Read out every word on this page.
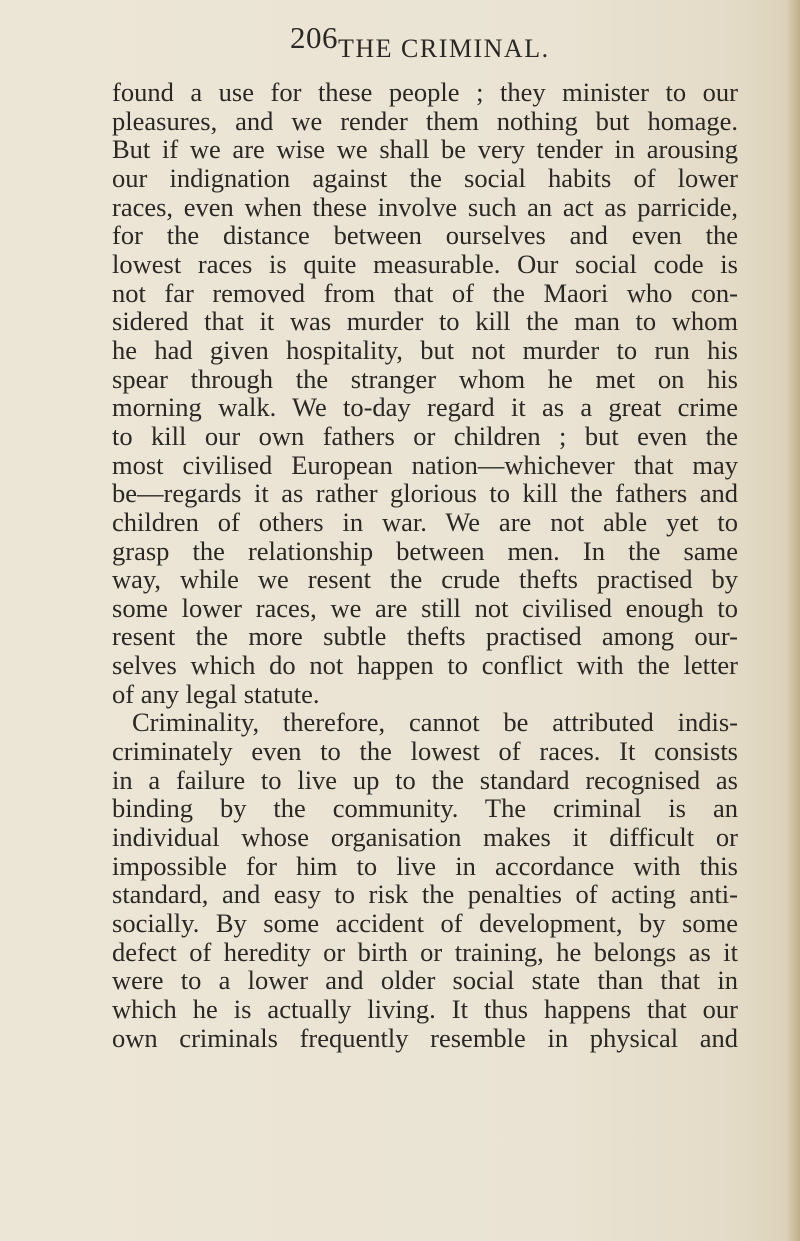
206 THE CRIMINAL.

found a use for these people ; they minister to our
pleasures, and we render them nothing but homage.
But if we are wise we shall be very tender in arousing
our indignation against the social habits of lower
races, even when these involve such an act as parricide,
for the distance between ourselves and even the
lowest races is quite measurable. Our social code is
not far removed from that of the Maori who con-
sidered that it was murder to kill the man to whom
he had given hospitality, but not murder to run his
spear through the stranger whom he met on his
morning walk. We to-day regard it as a great crime
to kill our own fathers or children ; but even the
most civilised European nation—whichever that may
be—regards it as rather glorious to kill the fathers and
children of others in war. We are not able yet to
grasp the relationship between men. In the same
way, while we resent the crude thefts practised by
some lower races, we are still not civilised enough to
resent the more subtle thefts practised among our-
selves which do not happen to conflict with the letter
of any legal statute.

Criminality, therefore, cannot be attributed indis-
criminately even to the lowest of races. It consists
in a failure to live up to the standard recognised as
binding by the community. The criminal is an
individual whose organisation makes it difficult or
impossible for him to live in accordance with this
standard, and easy to risk the penalties of acting anti-
socially. By some accident of development, by some
defect of heredity or birth or training, he belongs as it
were to a lower and older social state than that in
which he is actually living. It thus happens that our
own criminals frequently resemble in physical and
